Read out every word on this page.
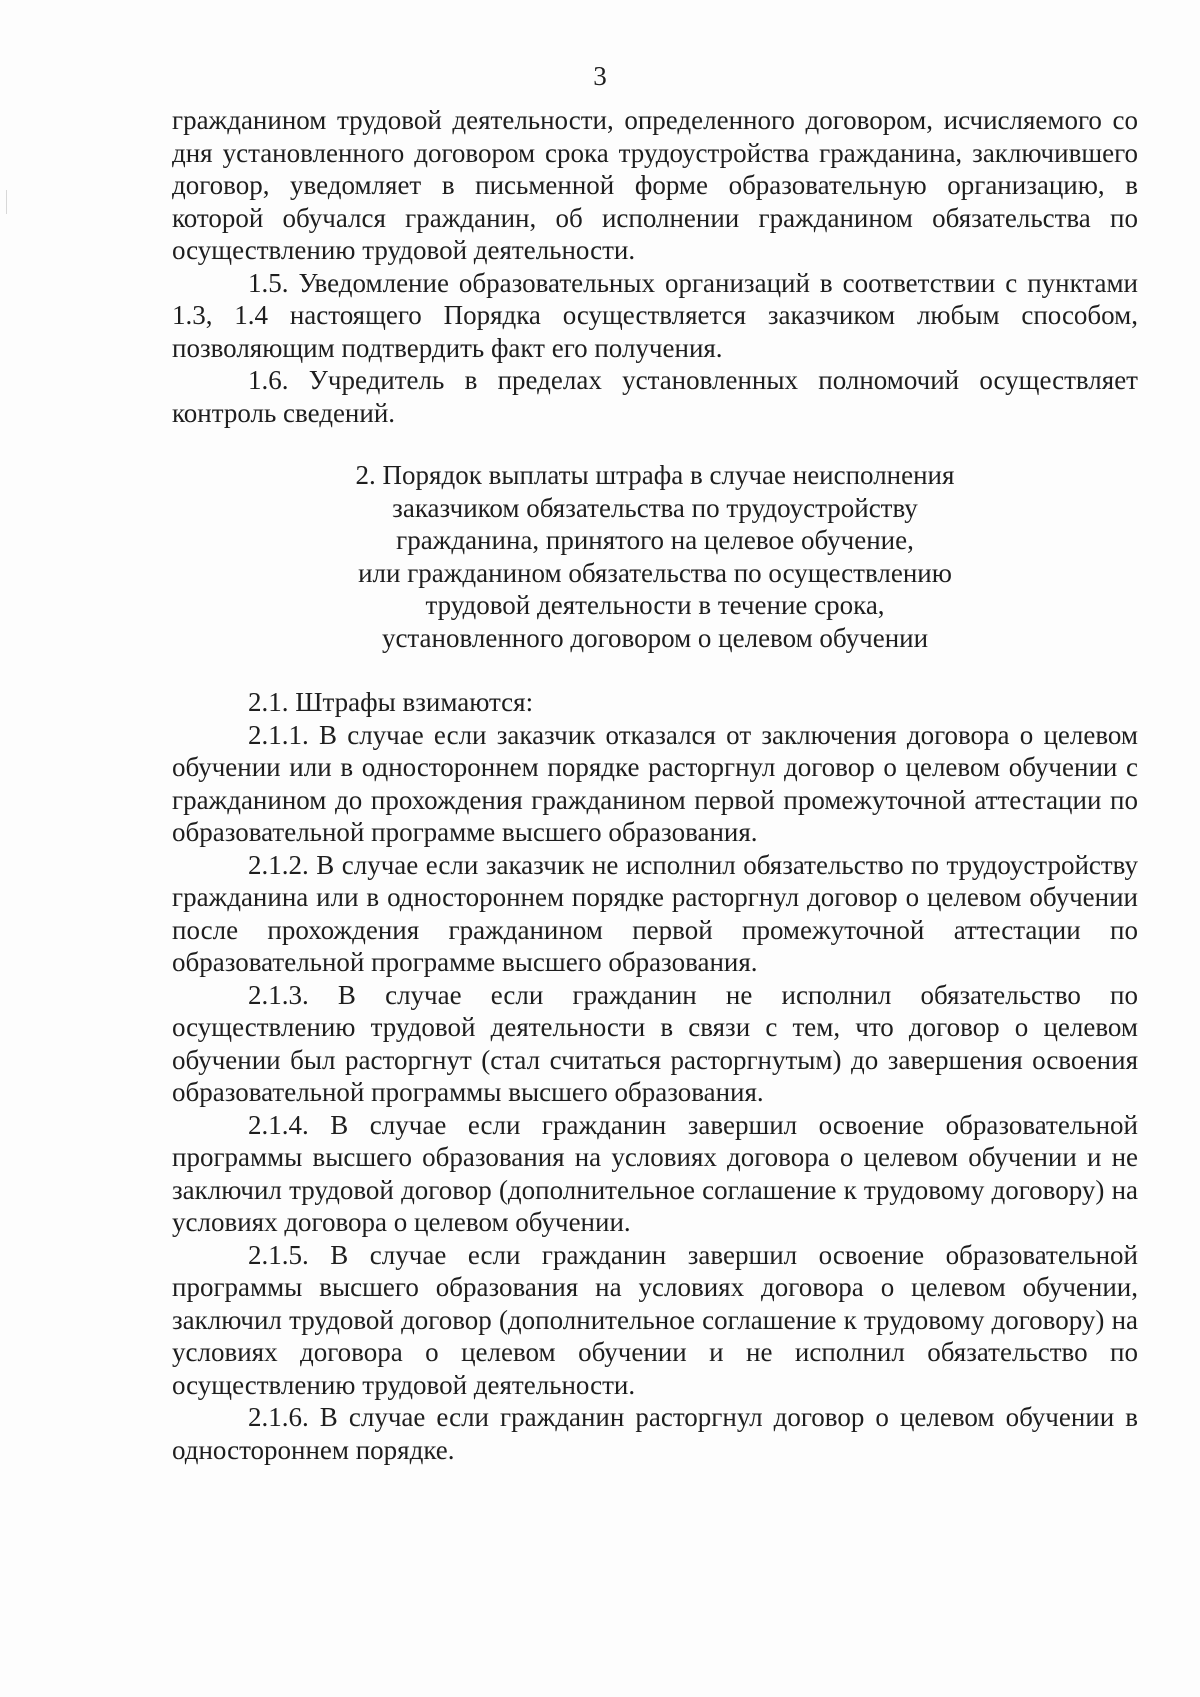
3

гражданином трудовой деятельности, определенного договором, исчисляемого со дня установленного договором срока трудоустройства гражданина, заключившего договор, уведомляет в письменной форме образовательную организацию, в которой обучался гражданин, об исполнении гражданином обязательства по осуществлению трудовой деятельности.

1.5. Уведомление образовательных организаций в соответствии с пунктами 1.3, 1.4 настоящего Порядка осуществляется заказчиком любым способом, позволяющим подтвердить факт его получения.

1.6. Учредитель в пределах установленных полномочий осуществляет контроль сведений.

2. Порядок выплаты штрафа в случае неисполнения
заказчиком обязательства по трудоустройству
гражданина, принятого на целевое обучение,
или гражданином обязательства по осуществлению
трудовой деятельности в течение срока,
установленного договором о целевом обучении

2.1. Штрафы взимаются:

2.1.1. В случае если заказчик отказался от заключения договора о целевом обучении или в одностороннем порядке расторгнул договор о целевом обучении с гражданином до прохождения гражданином первой промежуточной аттестации по образовательной программе высшего образования.

2.1.2. В случае если заказчик не исполнил обязательство по трудоустройству гражданина или в одностороннем порядке расторгнул договор о целевом обучении после прохождения гражданином первой промежуточной аттестации по образовательной программе высшего образования.

2.1.3. В случае если гражданин не исполнил обязательство по осуществлению трудовой деятельности в связи с тем, что договор о целевом обучении был расторгнут (стал считаться расторгнутым) до завершения освоения образовательной программы высшего образования.

2.1.4. В случае если гражданин завершил освоение образовательной программы высшего образования на условиях договора о целевом обучении и не заключил трудовой договор (дополнительное соглашение к трудовому договору) на условиях договора о целевом обучении.

2.1.5. В случае если гражданин завершил освоение образовательной программы высшего образования на условиях договора о целевом обучении, заключил трудовой договор (дополнительное соглашение к трудовому договору) на условиях договора о целевом обучении и не исполнил обязательство по осуществлению трудовой деятельности.

2.1.6. В случае если гражданин расторгнул договор о целевом обучении в одностороннем порядке.
